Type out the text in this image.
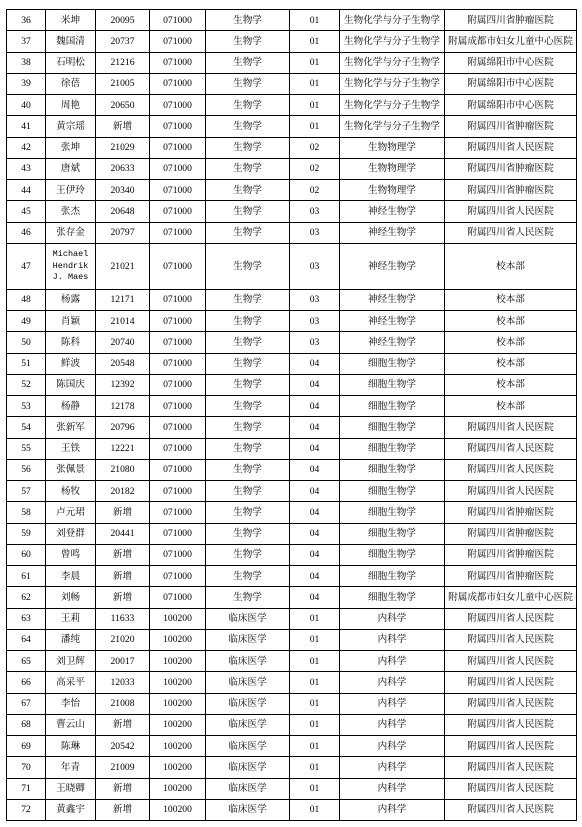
36	米坤	20095	071000	生物学	01	生物化学与分子生物学	附属四川省肿瘤医院
37	魏国清	20737	071000	生物学	01	生物化学与分子生物学	附属成都市妇女儿童中心医院
38	石明松	21216	071000	生物学	01	生物化学与分子生物学	附属绵阳市中心医院
39	徐蓓	21005	071000	生物学	01	生物化学与分子生物学	附属绵阳市中心医院
40	周艳	20650	071000	生物学	01	生物化学与分子生物学	附属绵阳市中心医院
41	黄宗瑶	新增	071000	生物学	01	生物化学与分子生物学	附属四川省肿瘤医院
42	张坤	21029	071000	生物学	02	生物物理学	附属四川省人民医院
43	唐斌	20633	071000	生物学	02	生物物理学	附属四川省肿瘤医院
44	王伊玲	20340	071000	生物学	02	生物物理学	附属四川省肿瘤医院
45	张杰	20648	071000	生物学	03	神经生物学	附属四川省人民医院
46	张存金	20797	071000	生物学	03	神经生物学	附属四川省人民医院
47	Michael Hendrik J. Maes	21021	071000	生物学	03	神经生物学	校本部
48	杨露	12171	071000	生物学	03	神经生物学	校本部
49	肖颖	21014	071000	生物学	03	神经生物学	校本部
50	陈科	20740	071000	生物学	03	神经生物学	校本部
51	鲜波	20548	071000	生物学	04	细胞生物学	校本部
52	陈国庆	12392	071000	生物学	04	细胞生物学	校本部
53	杨静	12178	071000	生物学	04	细胞生物学	校本部
54	张新军	20796	071000	生物学	04	细胞生物学	附属四川省人民医院
55	王铁	12221	071000	生物学	04	细胞生物学	附属四川省人民医院
56	张佩景	21080	071000	生物学	04	细胞生物学	附属四川省人民医院
57	杨牧	20182	071000	生物学	04	细胞生物学	附属四川省人民医院
58	卢元珺	新增	071000	生物学	04	细胞生物学	附属四川省肿瘤医院
59	刘登群	20441	071000	生物学	04	细胞生物学	附属四川省肿瘤医院
60	曾鸣	新增	071000	生物学	04	细胞生物学	附属四川省肿瘤医院
61	李晨	新增	071000	生物学	04	细胞生物学	附属四川省肿瘤医院
62	刘畅	新增	071000	生物学	04	细胞生物学	附属成都市妇女儿童中心医院
63	王莉	11633	100200	临床医学	01	内科学	附属四川省人民医院
64	潘纯	21020	100200	临床医学	01	内科学	附属四川省人民医院
65	刘卫辉	20017	100200	临床医学	01	内科学	附属四川省人民医院
66	高采平	12033	100200	临床医学	01	内科学	附属四川省人民医院
67	李怡	21008	100200	临床医学	01	内科学	附属四川省人民医院
68	曹云山	新增	100200	临床医学	01	内科学	附属四川省人民医院
69	陈琳	20542	100200	临床医学	01	内科学	附属四川省人民医院
70	年青	21009	100200	临床医学	01	内科学	附属四川省人民医院
71	王晓卿	新增	100200	临床医学	01	内科学	附属四川省人民医院
72	黄鑫宇	新增	100200	临床医学	01	内科学	附属四川省人民医院
